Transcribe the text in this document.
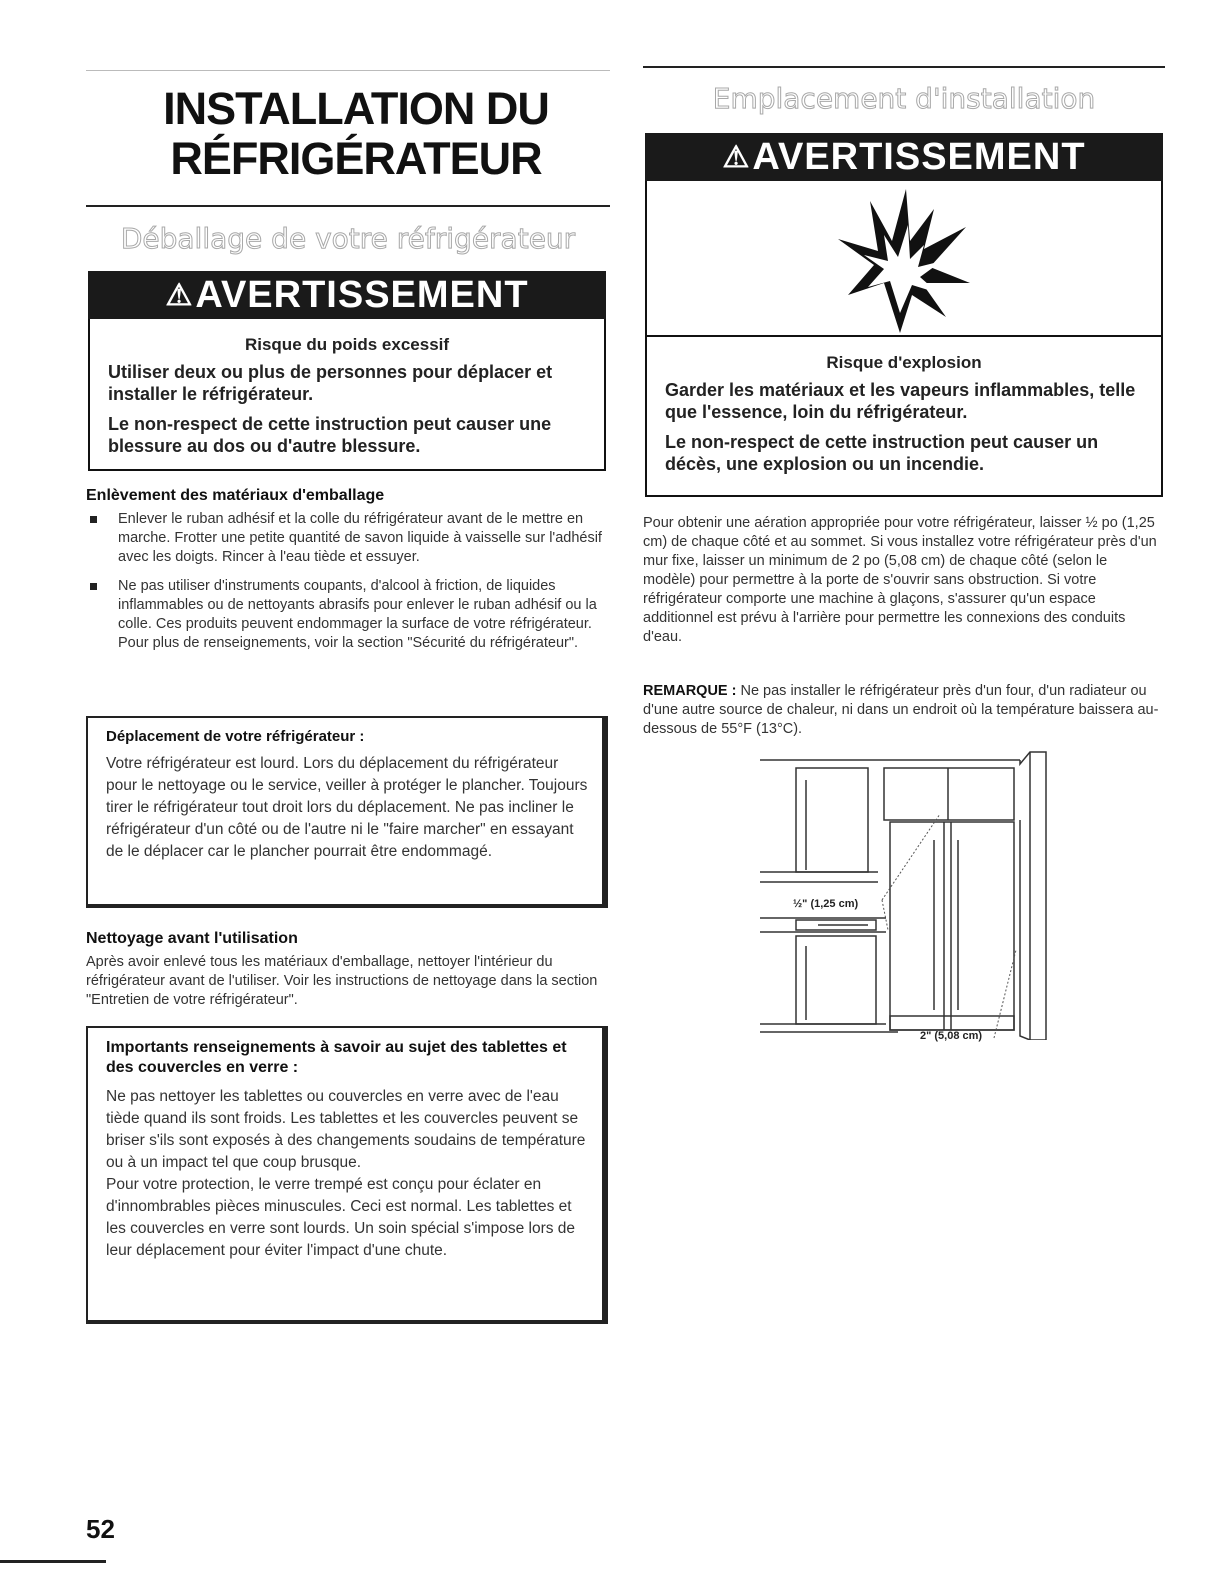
INSTALLATION DU
RÉFRIGÉRATEUR
Déballage de votre réfrigérateur
⚠AVERTISSEMENT

Risque du poids excessif

Utiliser deux ou plus de personnes pour déplacer et installer le réfrigérateur.

Le non-respect de cette instruction peut causer une blessure au dos ou d'autre blessure.

Enlèvement des matériaux d'emballage
Enlever le ruban adhésif et la colle du réfrigérateur avant de le mettre en marche. Frotter une petite quantité de savon liquide à vaisselle sur l'adhésif avec les doigts. Rincer à l'eau tiède et essuyer.
Ne pas utiliser d'instruments coupants, d'alcool à friction, de liquides inflammables ou de nettoyants abrasifs pour enlever le ruban adhésif ou la colle. Ces produits peuvent endommager la surface de votre réfrigérateur. Pour plus de renseignements, voir la section "Sécurité du réfrigérateur".

Déplacement de votre réfrigérateur :

Votre réfrigérateur est lourd. Lors du déplacement du réfrigérateur pour le nettoyage ou le service, veiller à protéger le plancher. Toujours tirer le réfrigérateur tout droit lors du déplacement. Ne pas incliner le réfrigérateur d'un côté ou de l'autre ni le "faire marcher" en essayant de le déplacer car le plancher pourrait être endommagé.

Nettoyage avant l'utilisation

Après avoir enlevé tous les matériaux d'emballage, nettoyer l'intérieur du réfrigérateur avant de l'utiliser. Voir les instructions de nettoyage dans la section "Entretien de votre réfrigérateur".

Importants renseignements à savoir au sujet des tablettes et des couvercles en verre :

Ne pas nettoyer les tablettes ou couvercles en verre avec de l'eau tiède quand ils sont froids. Les tablettes et les couvercles peuvent se briser s'ils sont exposés à des changements soudains de température ou à un impact tel que coup brusque.

Pour votre protection, le verre trempé est conçu pour éclater en d'innombrables pièces minuscules. Ceci est normal. Les tablettes et les couvercles en verre sont lourds. Un soin spécial s'impose lors de leur déplacement pour éviter l'impact d'une chute.

Emplacement d'installation
⚠AVERTISSEMENT

Risque d'explosion

Garder les matériaux et les vapeurs inflammables, telle que l'essence, loin du réfrigérateur.

Le non-respect de cette instruction peut causer un décès, une explosion ou un incendie.

Pour obtenir une aération appropriée pour votre réfrigérateur, laisser ½ po (1,25 cm) de chaque côté et au sommet. Si vous installez votre réfrigérateur près d'un mur fixe, laisser un minimum de 2 po (5,08 cm) de chaque côté (selon le modèle) pour permettre à la porte de s'ouvrir sans obstruction. Si votre réfrigérateur comporte une machine à glaçons, s'assurer qu'un espace additionnel est prévu à l'arrière pour permettre les connexions des conduits d'eau.

REMARQUE : Ne pas installer le réfrigérateur près d'un four, d'un radiateur ou d'une autre source de chaleur, ni dans un endroit où la température baissera au-dessous de 55°F (13°C).

½" (1,25 cm)
2" (5,08 cm)

52
